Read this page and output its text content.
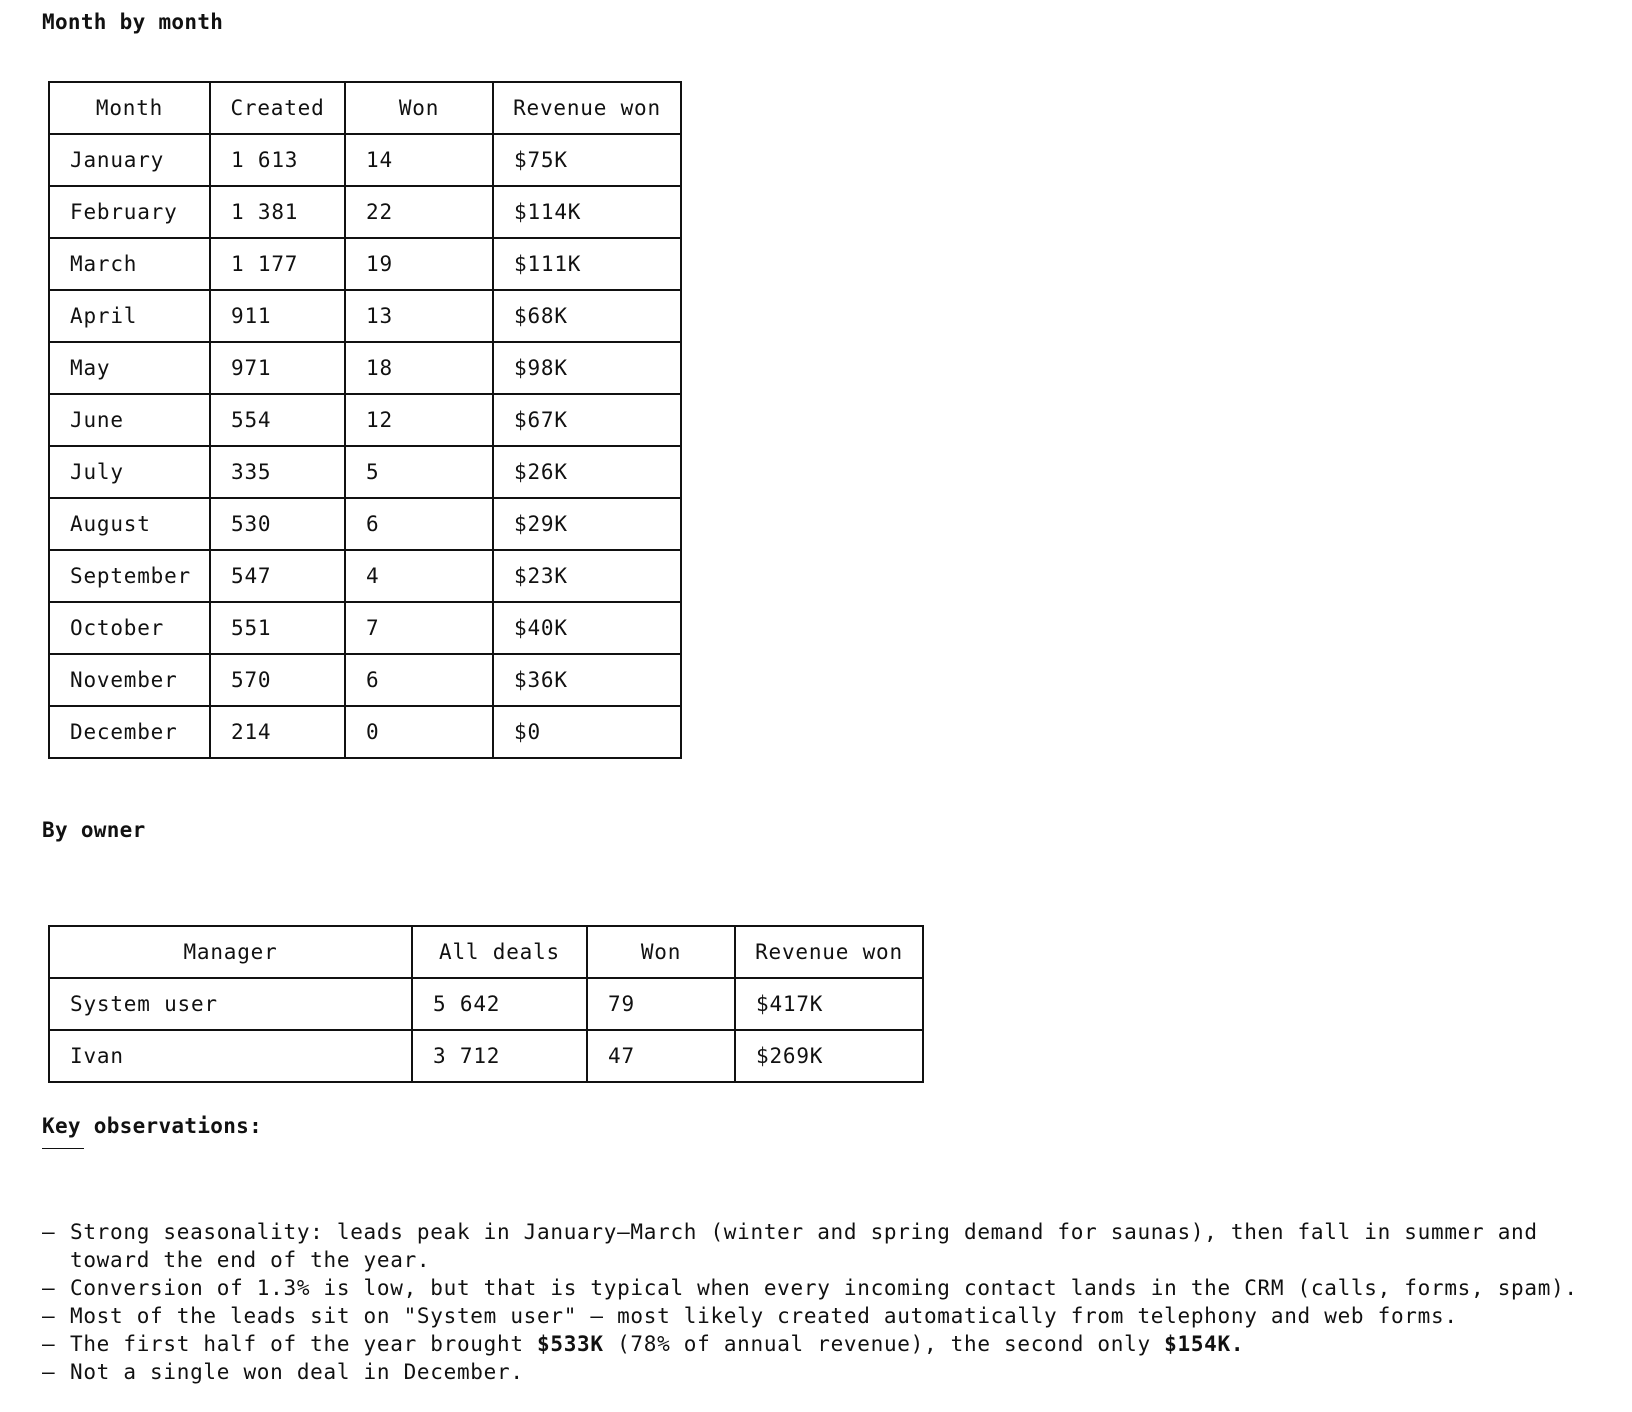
Month by month
Month	Created	Won	Revenue won
January	1 613	14	$75K
February	1 381	22	$114K
March	1 177	19	$111K
April	911	13	$68K
May	971	18	$98K
June	554	12	$67K
July	335	5	$26K
August	530	6	$29K
September	547	4	$23K
October	551	7	$40K
November	570	6	$36K
December	214	0	$0
By owner
Manager	All deals	Won	Revenue won
System user	5 642	79	$417K
Ivan	3 712	47	$269K
Key observations:
— Strong seasonality: leads peak in January—March (winter and spring demand for saunas), then fall in summer and toward the end of the year.
— Conversion of 1.3% is low, but that is typical when every incoming contact lands in the CRM (calls, forms, spam).
— Most of the leads sit on "System user" — most likely created automatically from telephony and web forms.
— The first half of the year brought $533K (78% of annual revenue), the second only $154K.
— Not a single won deal in December.
